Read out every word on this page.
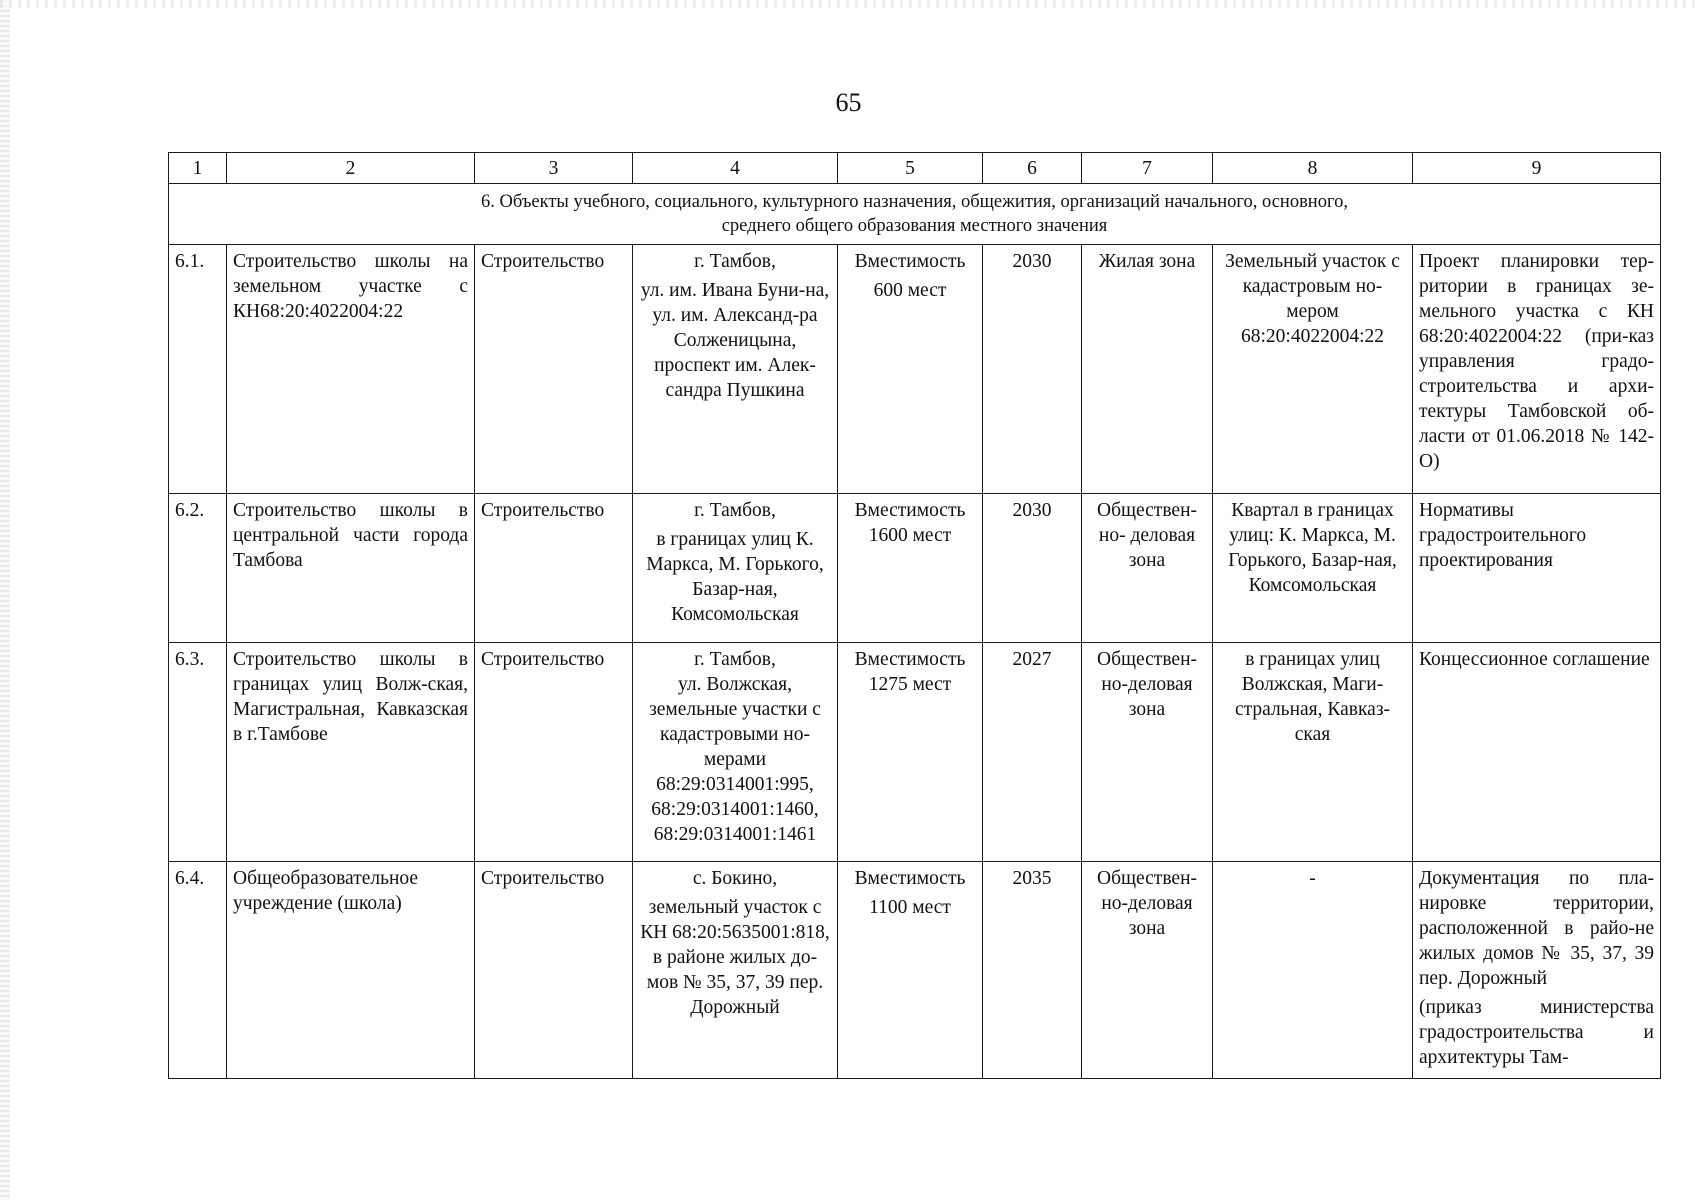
65
1	2	3	4	5	6	7	8	9

6. Объекты учебного, социального, культурного назначения, общежития, организаций начального, основного,
среднего общего образования местного значения								

6.1.	Строительство школы на земельном участке с КН68:20:4022004:22	Строительство	г. Тамбов,
ул. им. Ивана Буни-на, ул. им. Александ-ра Солженицына, проспект им. Алек-сандра Пушкина	Вместимость
600 мест	2030	Жилая зона	Земельный участок с кадастровым но-мером 68:20:4022004:22	Проект планировки тер-ритории в границах зе-мельного участка с КН 68:20:4022004:22 (при-каз управления градо-строительства и архи-тектуры Тамбовской об-ласти от 01.06.2018 № 142-О)
6.2.	Строительство школы в центральной части города Тамбова	Строительство	г. Тамбов,
в границах улиц К. Маркса, М. Горького, Базар-ная, Комсомольская	Вместимость
1600 мест	2030	Обществен-но- деловая зона	Квартал в границах улиц: К. Маркса, М. Горького, Базар-ная, Комсомольская	Нормативы градостроительного проектирования
6.3.	Строительство школы в границах улиц Волж-ская, Магистральная, Кавказская в г.Тамбове	Строительство	г. Тамбов,
ул. Волжская, земельные участки с кадастровыми но-мерами 68:29:0314001:995, 68:29:0314001:1460, 68:29:0314001:1461	Вместимость
1275 мест	2027	Обществен-но-деловая зона	в границах улиц Волжская, Маги-стральная, Кавказ-ская	Концессионное соглашение
6.4.	Общеобразовательное учреждение (школа)	Строительство	с. Бокино,
земельный участок с КН 68:20:5635001:818, в районе жилых до-мов № 35, 37, 39 пер. Дорожный	Вместимость
1100 мест	2035	Обществен-но-деловая зона	-	Документация по пла-нировке территории, расположенной в райо-не жилых домов № 35, 37, 39 пер. Дорожный
(приказ министерства градостроительства и архитектуры Там-
